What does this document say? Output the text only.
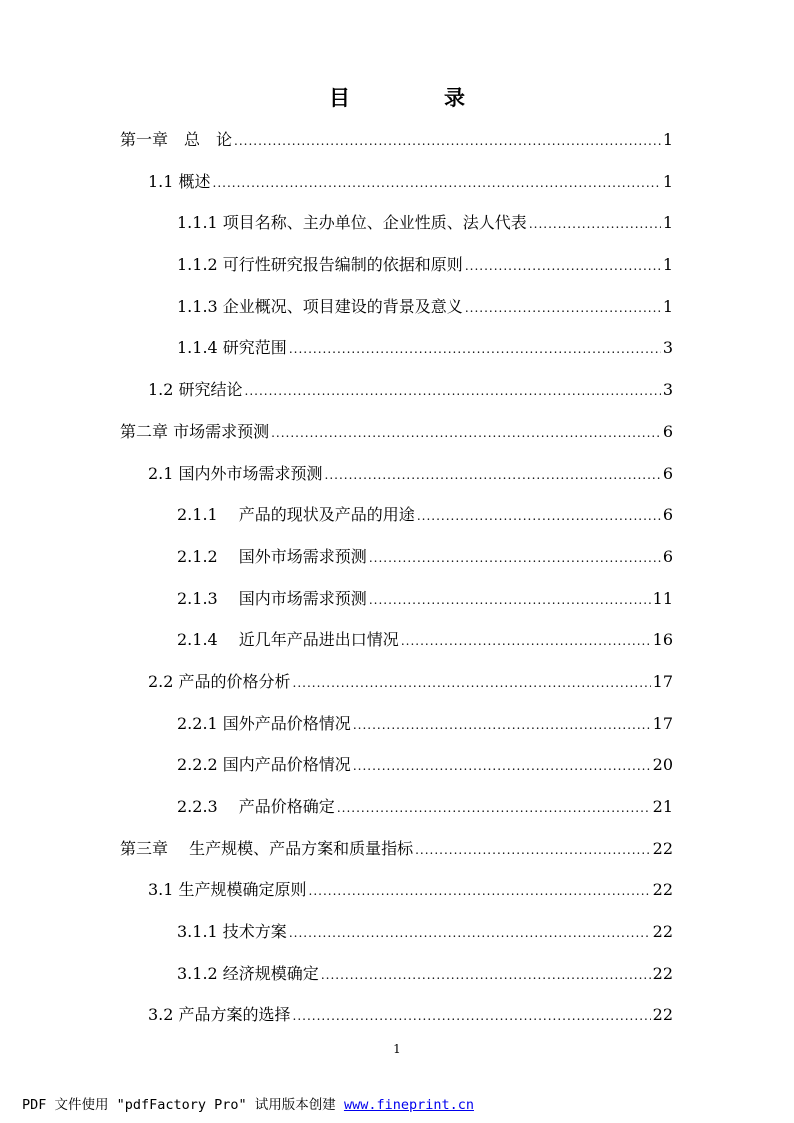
目	录
第一章　总　论 .....	1
1.1 概述 .....	1
1.1.1 项目名称、主办单位、企业性质、法人代表 .....	1
1.1.2 可行性研究报告编制的依据和原则 .....	1
1.1.3 企业概况、项目建设的背景及意义 .....	1
1.1.4 研究范围 .....	3
1.2 研究结论 .....	3
第二章 市场需求预测 .....	6
2.1 国内外市场需求预测 .....	6
2.1.1　 产品的现状及产品的用途 .....	6
2.1.2　 国外市场需求预测 .....	6
2.1.3　 国内市场需求预测 .....	11
2.1.4　 近几年产品进出口情况 .....	16
2.2 产品的价格分析 .....	17
2.2.1 国外产品价格情况 .....	17
2.2.2 国内产品价格情况 .....	20
2.2.3　 产品价格确定 .....	21
第三章　 生产规模、产品方案和质量指标 .....	22
3.1 生产规模确定原则 .....	22
3.1.1 技术方案 .....	22
3.1.2 经济规模确定 .....	22
3.2 产品方案的选择 .....	22
1
PDF 文件使用 "pdfFactory Pro" 试用版本创建 www.fineprint.cn
